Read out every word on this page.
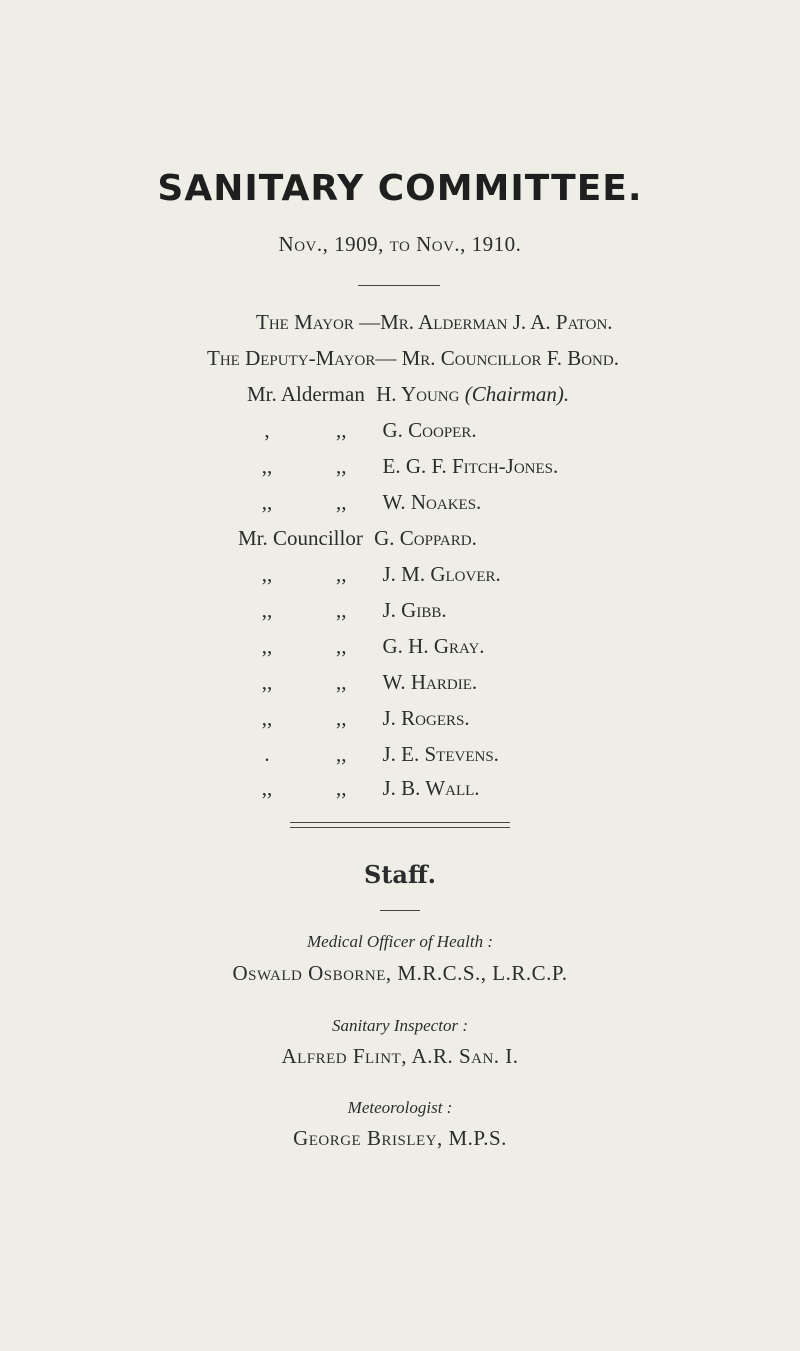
SANITARY COMMITTEE.
Nov., 1909, to Nov., 1910.
The Mayor —Mr. Alderman J. A. Paton.
The Deputy-Mayor— Mr. Councillor F. Bond.
Mr. Alderman H. Young (Chairman).
,	,, G. Cooper.
,,	,, E. G. F. Fitch-Jones.
,,	,, W. Noakes.
Mr. Councillor G. Coppard.
,,	,, J. M. Glover.
,,	,, J. Gibb.
,,	,, G. H. Gray.
,,	,, W. Hardie.
,,	,, J. Rogers.
.	,, J. E. Stevens.
,,	,, J. B. Wall.
Staff.
Medical Officer of Health :
Oswald Osborne, M.R.C.S., L.R.C.P.
Sanitary Inspector :
Alfred Flint, A.R. San. I.
Meteorologist :
George Brisley, M.P.S.
